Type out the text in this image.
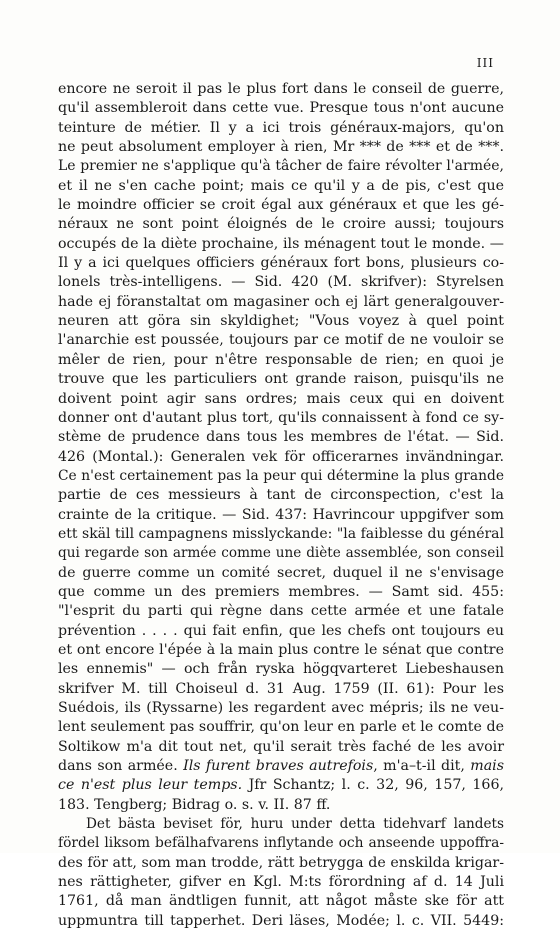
III
encore ne seroit il pas le plus fort dans le conseil de guerre,
qu'il assembleroit dans cette vue. Presque tous n'ont aucune
teinture de métier. Il y a ici trois généraux-majors, qu'on
ne peut absolument employer à rien, Mr *** de *** et de ***.
Le premier ne s'applique qu'à tâcher de faire révolter l'armée,
et il ne s'en cache point; mais ce qu'il y a de pis, c'est que
le moindre officier se croit égal aux généraux et que les gé-
néraux ne sont point éloignés de le croire aussi; toujours
occupés de la diète prochaine, ils ménagent tout le monde. —
Il y a ici quelques officiers généraux fort bons, plusieurs co-
lonels très-intelligens. — Sid. 420 (M. skrifver): Styrelsen
hade ej föranstaltat om magasiner och ej lärt generalgouver-
neuren att göra sin skyldighet; "Vous voyez à quel point
l'anarchie est poussée, toujours par ce motif de ne vouloir se
mêler de rien, pour n'être responsable de rien; en quoi je
trouve que les particuliers ont grande raison, puisqu'ils ne
doivent point agir sans ordres; mais ceux qui en doivent
donner ont d'autant plus tort, qu'ils connaissent à fond ce sy-
stème de prudence dans tous les membres de l'état. — Sid.
426 (Montal.): Generalen vek för officerarnes invändningar.
Ce n'est certainement pas la peur qui détermine la plus grande
partie de ces messieurs à tant de circonspection, c'est la
crainte de la critique. — Sid. 437: Havrincour uppgifver som
ett skäl till campagnens misslyckande: "la faiblesse du général
qui regarde son armée comme une diète assemblée, son conseil
de guerre comme un comité secret, duquel il ne s'envisage
que comme un des premiers membres. — Samt sid. 455:
"l'esprit du parti qui règne dans cette armée et une fatale
prévention . . . . qui fait enfin, que les chefs ont toujours eu
et ont encore l'épée à la main plus contre le sénat que contre
les ennemis" — och från ryska högqvarteret Liebeshausen
skrifver M. till Choiseul d. 31 Aug. 1759 (II. 61): Pour les
Suédois, ils (Ryssarne) les regardent avec mépris; ils ne veu-
lent seulement pas souffrir, qu'on leur en parle et le comte de
Soltikow m'a dit tout net, qu'il serait très faché de les avoir
dans son armée. Ils furent braves autrefois, m'a–t-il dit, mais
ce n'est plus leur temps. Jfr Schantz; l. c. 32, 96, 157, 166,
183. Tengberg; Bidrag o. s. v. II. 87 ff.
Det bästa beviset för, huru under detta tidehvarf landets
fördel liksom befälhafvarens inflytande och anseende uppoffra-
des för att, som man trodde, rätt betrygga de enskilda krigar-
nes rättigheter, gifver en Kgl. M:ts förordning af d. 14 Juli
1761, då man ändtligen funnit, att något måste ske för att
uppmuntra till tapperhet. Deri läses, Modée; l. c. VII. 5449:
